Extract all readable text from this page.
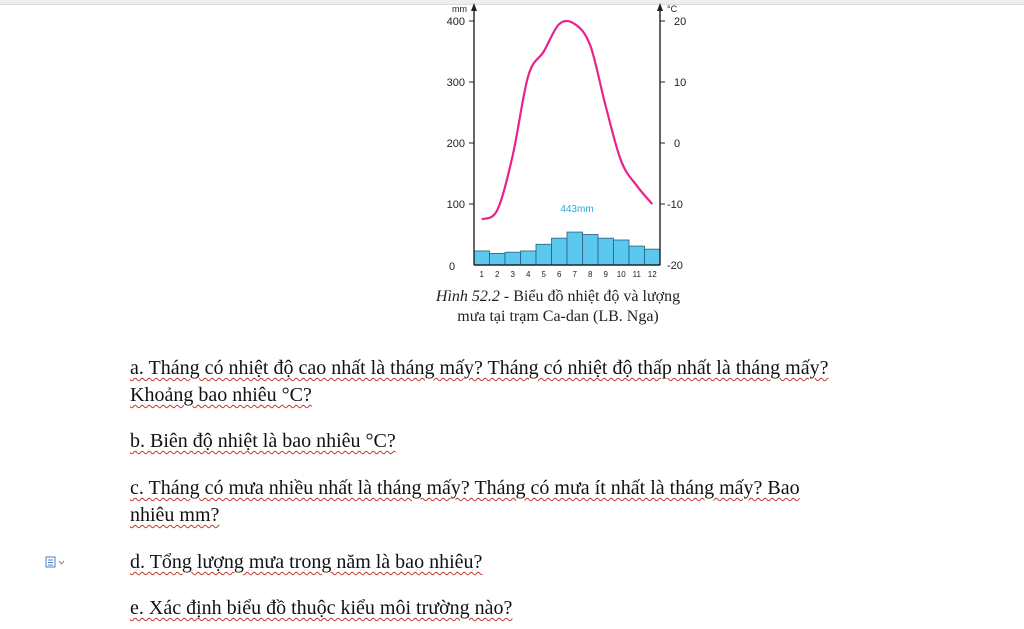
mm	°C
0
100
200
300
400
-20
-10
0
10
20
1 2 3 4 5 6 7 8 9 10 11 12
443mm
Hình 52.2 - Biểu đồ nhiệt độ và lượng
mưa tại trạm Ca-dan (LB. Nga)
a. Tháng có nhiệt độ cao nhất là tháng mấy? Tháng có nhiệt độ thấp nhất là tháng mấy?
Khoảng bao nhiêu °C?
b. Biên độ nhiệt là bao nhiêu °C?
c. Tháng có mưa nhiều nhất là tháng mấy? Tháng có mưa ít nhất là tháng mấy? Bao
nhiêu mm?
d. Tổng lượng mưa trong năm là bao nhiêu?
e. Xác định biểu đồ thuộc kiểu môi trường nào?
